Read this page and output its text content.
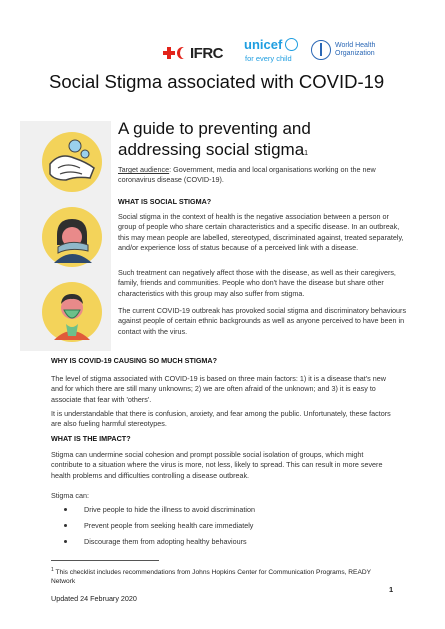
IFRC
unicef
for every child
World Health Organization
Social Stigma associated with COVID-19
A guide to preventing and addressing social stigma$^1$
Target audience: Government, media and local organisations working on the new coronavirus disease (COVID-19).
WHAT IS SOCIAL STIGMA?
Social stigma in the context of health is the negative association between a person or group of people who share certain characteristics and a specific disease. In an outbreak, this may mean people are labelled, stereotyped, discriminated against, treated separately, and/or experience loss of status because of a perceived link with a disease.
Such treatment can negatively affect those with the disease, as well as their caregivers, family, friends and communities. People who don't have the disease but share other characteristics with this group may also suffer from stigma.
The current COVID-19 outbreak has provoked social stigma and discriminatory behaviours against people of certain ethnic backgrounds as well as anyone perceived to have been in contact with the virus.
WHY IS COVID-19 CAUSING SO MUCH STIGMA?
The level of stigma associated with COVID-19 is based on three main factors: 1) it is a disease that's new and for which there are still many unknowns; 2) we are often afraid of the unknown; and 3) it is easy to associate that fear with 'others'.
It is understandable that there is confusion, anxiety, and fear among the public. Unfortunately, these factors are also fueling harmful stereotypes.
WHAT IS THE IMPACT?
Stigma can undermine social cohesion and prompt possible social isolation of groups, which might contribute to a situation where the virus is more, not less, likely to spread. This can result in more severe health problems and difficulties controlling a disease outbreak.
Stigma can:
Drive people to hide the illness to avoid discrimination
Prevent people from seeking health care immediately
Discourage them from adopting healthy behaviours
$^1$ This checklist includes recommendations from Johns Hopkins Center for Communication Programs, READY Network
1
Updated 24 February 2020
